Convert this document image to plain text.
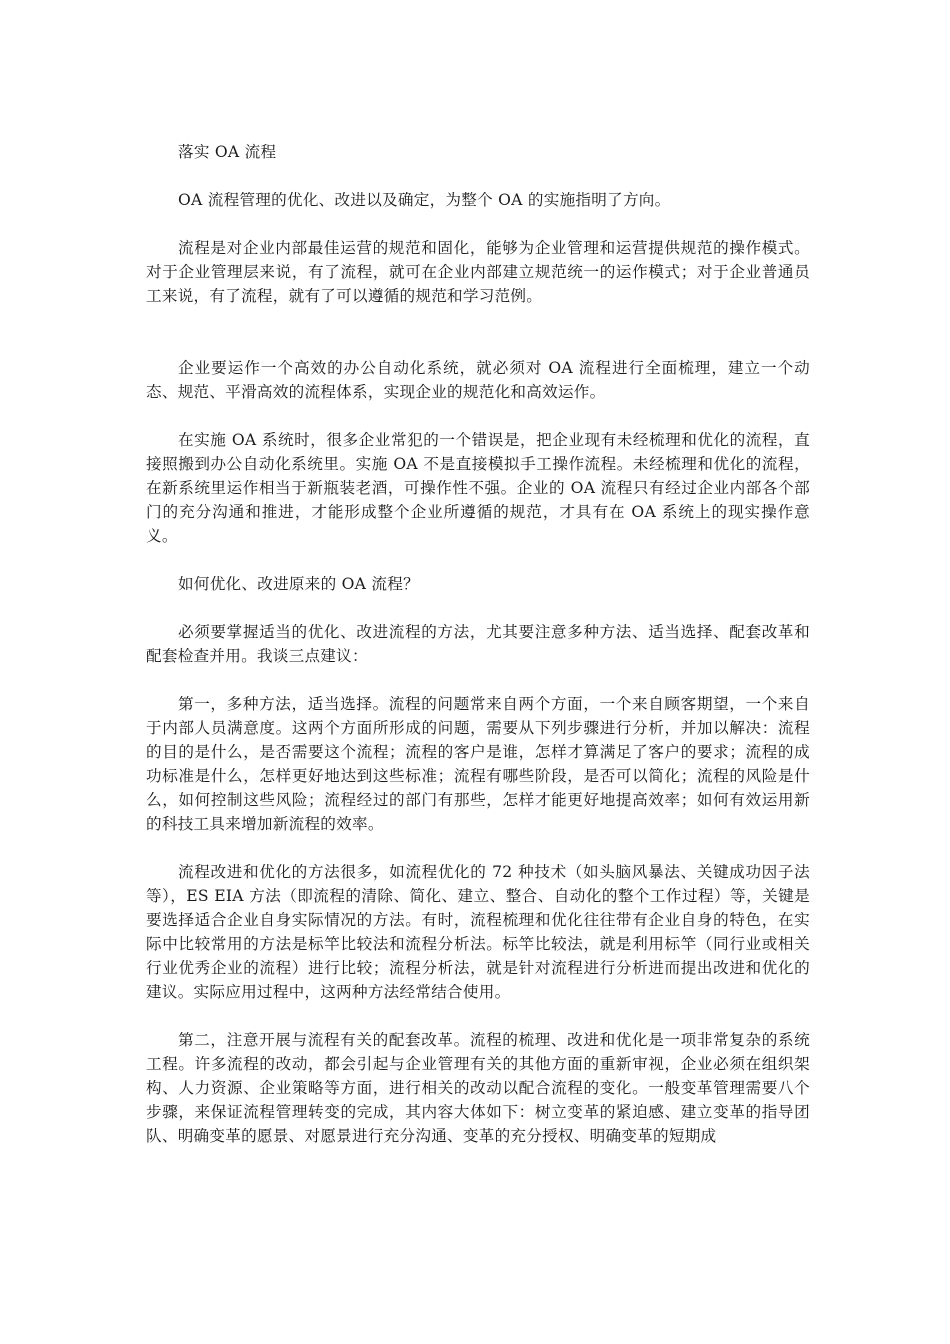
落实 OA 流程

OA 流程管理的优化、改进以及确定，为整个 OA 的实施指明了方向。

流程是对企业内部最佳运营的规范和固化，能够为企业管理和运营提供规范的操作模式。对于企业管理层来说，有了流程，就可在企业内部建立规范统一的运作模式；对于企业普通员工来说，有了流程，就有了可以遵循的规范和学习范例。

企业要运作一个高效的办公自动化系统，就必须对 OA 流程进行全面梳理，建立一个动态、规范、平滑高效的流程体系，实现企业的规范化和高效运作。

在实施 OA 系统时，很多企业常犯的一个错误是，把企业现有未经梳理和优化的流程，直接照搬到办公自动化系统里。实施 OA 不是直接模拟手工操作流程。未经梳理和优化的流程，在新系统里运作相当于新瓶装老酒，可操作性不强。企业的 OA 流程只有经过企业内部各个部门的充分沟通和推进，才能形成整个企业所遵循的规范，才具有在 OA 系统上的现实操作意义。

如何优化、改进原来的 OA 流程？

必须要掌握适当的优化、改进流程的方法，尤其要注意多种方法、适当选择、配套改革和配套检查并用。我谈三点建议：

第一，多种方法，适当选择。流程的问题常来自两个方面，一个来自顾客期望，一个来自于内部人员满意度。这两个方面所形成的问题，需要从下列步骤进行分析，并加以解决：流程的目的是什么，是否需要这个流程；流程的客户是谁，怎样才算满足了客户的要求；流程的成功标准是什么，怎样更好地达到这些标准；流程有哪些阶段，是否可以简化；流程的风险是什么，如何控制这些风险；流程经过的部门有那些，怎样才能更好地提高效率；如何有效运用新的科技工具来增加新流程的效率。

流程改进和优化的方法很多，如流程优化的 72 种技术（如头脑风暴法、关键成功因子法等），ES EIA 方法（即流程的清除、简化、建立、整合、自动化的整个工作过程）等，关键是要选择适合企业自身实际情况的方法。有时，流程梳理和优化往往带有企业自身的特色，在实际中比较常用的方法是标竿比较法和流程分析法。标竿比较法，就是利用标竿（同行业或相关行业优秀企业的流程）进行比较；流程分析法，就是针对流程进行分析进而提出改进和优化的建议。实际应用过程中，这两种方法经常结合使用。

第二，注意开展与流程有关的配套改革。流程的梳理、改进和优化是一项非常复杂的系统工程。许多流程的改动，都会引起与企业管理有关的其他方面的重新审视，企业必须在组织架构、人力资源、企业策略等方面，进行相关的改动以配合流程的变化。一般变革管理需要八个步骤，来保证流程管理转变的完成，其内容大体如下：树立变革的紧迫感、建立变革的指导团队、明确变革的愿景、对愿景进行充分沟通、变革的充分授权、明确变革的短期成
